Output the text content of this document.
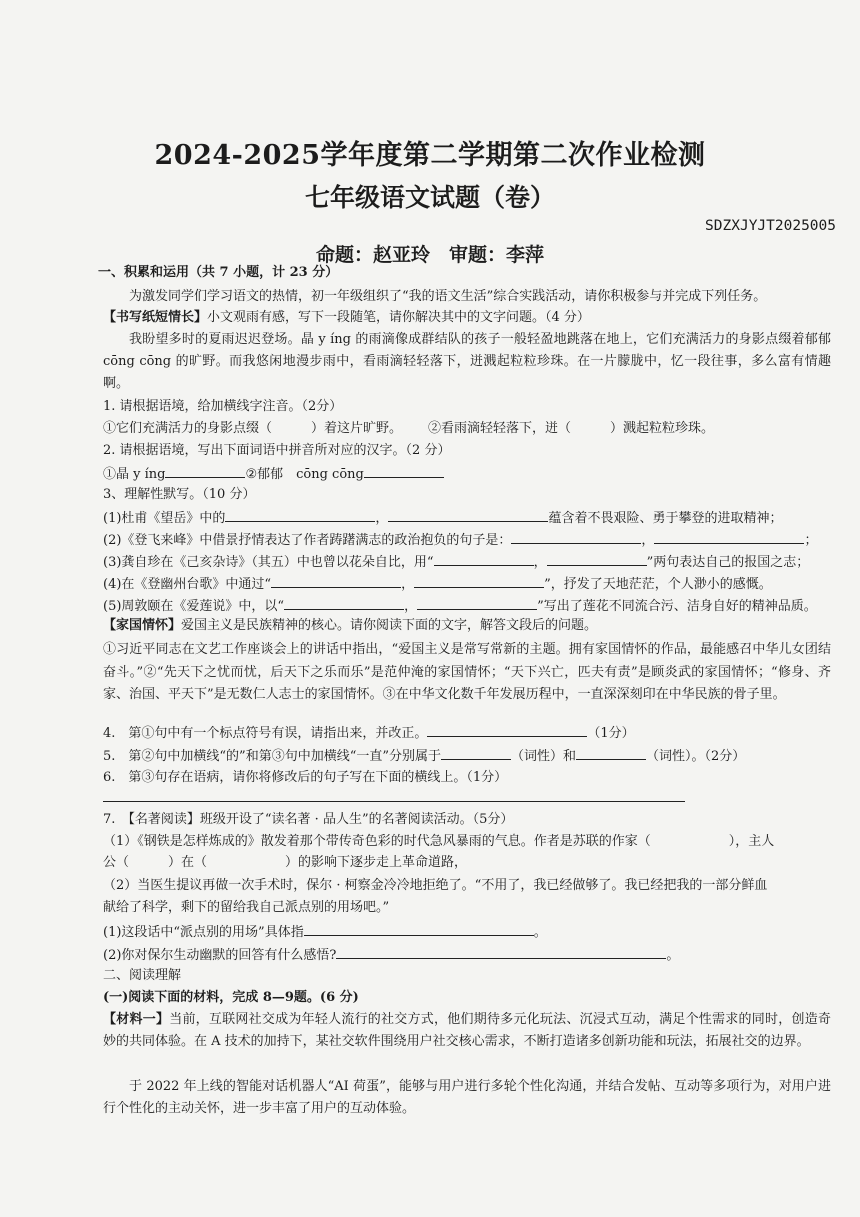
2024-2025学年度第二学期第二次作业检测
七年级语文试题（卷）
SDZXJYJT2025005
命题：赵亚玲　审题：李萍
一、积累和运用（共 7 小题，计 23 分）
为激发同学们学习语文的热情，初一年级组织了“我的语文生活”综合实践活动，请你积极参与并完成下列任务。
【书写纸短情长】小文观雨有感，写下一段随笔，请你解决其中的文字问题。（4 分）
我盼望多时的夏雨迟迟登场。晶 y íng 的雨滴像成群结队的孩子一般轻盈地跳落在地上，它们充满活力的身影点缀着郁郁 cōng cōng 的旷野。而我悠闲地漫步雨中，看雨滴轻轻落下，迸溅起粒粒珍珠。在一片朦胧中，忆一段往事，多么富有情趣啊。
1. 请根据语境，给加横线字注音。（2分）
①它们充满活力的身影点缀（　　　）着这片旷野。 ②看雨滴轻轻落下，迸（　　　）溅起粒粒珍珠。
2. 请根据语境，写出下面词语中拼音所对应的汉字。（2 分）
①晶 y íng	②郁郁　cōng cōng
3、理解性默写。（10 分）
(1)杜甫《望岳》中的	，	蕴含着不畏艰险、勇于攀登的进取精神；
(2)《登飞来峰》中借景抒情表达了作者踌躇满志的政治抱负的句子是：	，	；
(3)龚自珍在《己亥杂诗》（其五）中也曾以花朵自比，用“	，	”两句表达自己的报国之志；
(4)在《登幽州台歌》中通过“	，	”，抒发了天地茫茫，个人渺小的感慨。
(5)周敦颐在《爱莲说》中，以“	，	”写出了莲花不同流合污、洁身自好的精神品质。
【家国情怀】爱国主义是民族精神的核心。请你阅读下面的文字，解答文段后的问题。
①习近平同志在文艺工作座谈会上的讲话中指出，“爱国主义是常写常新的主题。拥有家国情怀的作品，最能感召中华儿女团结奋斗。”②“先天下之忧而忧，后天下之乐而乐”是范仲淹的家国情怀；“天下兴亡，匹夫有责”是顾炎武的家国情怀；“修身、齐家、治国、平天下”是无数仁人志士的家国情怀。③在中华文化数千年发展历程中，一直深深刻印在中华民族的骨子里。
4.　第①句中有一个标点符号有误，请指出来，并改正。	（1分）
5.　第②句中加横线“的”和第③句中加横线“一直”分别属于	（词性）和	（词性）。（2分）
6.　第③句存在语病，请你将修改后的句子写在下面的横线上。（1分）
7.　【名著阅读】班级开设了“读名著 · 品人生”的名著阅读活动。（5分）
（1）《钢铁是怎样炼成的》散发着那个带传奇色彩的时代急风暴雨的气息。作者是苏联的作家（　　　　　　），主人
公（　　　）在（　　　　　　）的影响下逐步走上革命道路，
（2）当医生提议再做一次手术时，保尔 · 柯察金冷冷地拒绝了。“不用了，我已经做够了。我已经把我的一部分鲜血
献给了科学，剩下的留给我自己派点别的用场吧。”
(1)这段话中“派点别的用场”具体指	。
(2)你对保尔生动幽默的回答有什么感悟?	。
二、阅读理解
(一)阅读下面的材料，完成 8—9题。(6 分)
【材料一】当前，互联网社交成为年轻人流行的社交方式，他们期待多元化玩法、沉浸式互动，满足个性需求的同时，创造奇妙的共同体验。在 A 技术的加持下，某社交软件围绕用户社交核心需求，不断打造诸多创新功能和玩法，拓展社交的边界。
于 2022 年上线的智能对话机器人“AI 荷蛋”，能够与用户进行多轮个性化沟通，并结合发帖、互动等多项行为，对用户进行个性化的主动关怀，进一步丰富了用户的互动体验。
